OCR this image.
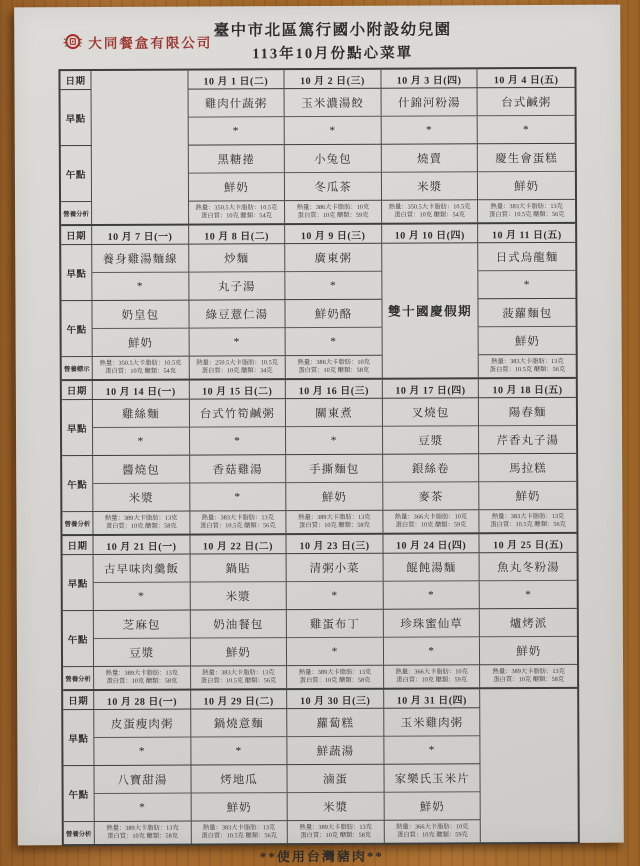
大同餐盒有限公司
臺中市北區篤行國小附設幼兒園
113年10月份點心菜單
日期
早點
午點
營養分析
10 月 1 日(二)
雞肉什蔬粥
*
黑糖捲
鮮奶
熱量：350.5大卡脂肪：10.5克
蛋白質：10克 醣類：54克
10 月 2 日(三)
玉米濃湯餃
*
小兔包
冬瓜茶
熱量：386大卡脂肪：10克
蛋白質：10克 醣類：59克
10 月 3 日(四)
什錦河粉湯
*
燒賣
米漿
熱量：350.5大卡脂肪：10.5克
蛋白質：10克 醣類：54克
10 月 4 日(五)
台式鹹粥
*
慶生會蛋糕
鮮奶
熱量：383大卡脂肪：13克
蛋白質：10.5克 醣類：56克
日期
早點
午點
營養標示
10 月 7 日(一)
養身雞湯麵線
*
奶皇包
鮮奶
熱量：350.5大卡脂肪：10.5克
蛋白質：10克 醣類：54克
10 月 8 日(二)
炒麵
丸子湯
綠豆薏仁湯
*
熱量：250.5大卡脂肪：10.5克
蛋白質：10克 醣類：34克
10 月 9 日(三)
廣東粥
*
鮮奶酪
*
熱量：386大卡脂肪：10克
蛋白質：10克 醣類：58克
10 月 10 日(四)
雙十國慶假期
10 月 11 日(五)
日式烏龍麵
*
菠蘿麵包
鮮奶
熱量：383大卡脂肪：13克
蛋白質：10.5克 醣類：56克
日期
早點
午點
營養分析
10 月 14 日(一)
雞絲麵
*
醬燒包
米漿
熱量：389大卡脂肪：13克
蛋白質：10克 醣類：58克
10 月 15 日(二)
台式竹筍鹹粥
*
香菇雞湯
*
熱量：383大卡脂肪：13克
蛋白質：10.5克 醣類：56克
10 月 16 日(三)
關東煮
*
手撕麵包
鮮奶
熱量：389大卡脂肪：13克
蛋白質：10克 醣類：58克
10 月 17 日(四)
叉燒包
豆漿
銀絲卷
麥茶
熱量：366大卡脂肪：10克
蛋白質：10克 醣類：59克
10 月 18 日(五)
陽春麵
芹香丸子湯
馬拉糕
鮮奶
熱量：383大卡脂肪：13克
蛋白質：10.5克 醣類：56克
日期
早點
午點
營養分析
10 月 21 日(一)
古早味肉羹飯
*
芝麻包
豆漿
熱量：389大卡脂肪：13克
蛋白質：10克 醣類：58克
10 月 22 日(二)
鍋貼
米漿
奶油餐包
鮮奶
熱量：383大卡脂肪：13克
蛋白質：10.5克 醣類：56克
10 月 23 日(三)
清粥小菜
*
雞蛋布丁
*
熱量：389大卡脂肪：13克
蛋白質：10克 醣類：58克
10 月 24 日(四)
餛飩湯麵
*
珍珠蜜仙草
*
熱量：366大卡脂肪：10克
蛋白質：10克 醣類：59克
10 月 25 日(五)
魚丸冬粉湯
*
爐烤派
鮮奶
熱量：389大卡脂肪：13克
蛋白質：10克 醣類：58克
日期
早點
午點
營養分析
10 月 28 日(一)
皮蛋瘦肉粥
*
八寶甜湯
*
熱量：389大卡脂肪：13克
蛋白質：10克 醣類：58克
10 月 29 日(二)
鍋燒意麵
*
烤地瓜
鮮奶
熱量：383大卡脂肪：13克
蛋白質：10.5克 醣類：56克
10 月 30 日(三)
蘿蔔糕
鮮蔬湯
滷蛋
米漿
熱量：389大卡脂肪：13克
蛋白質：10克 醣類：58克
10 月 31 日(四)
玉米雞肉粥
*
家樂氏玉米片
鮮奶
熱量：366大卡脂肪：10克
蛋白質：10克 醣類：59克
**使用台灣豬肉**
